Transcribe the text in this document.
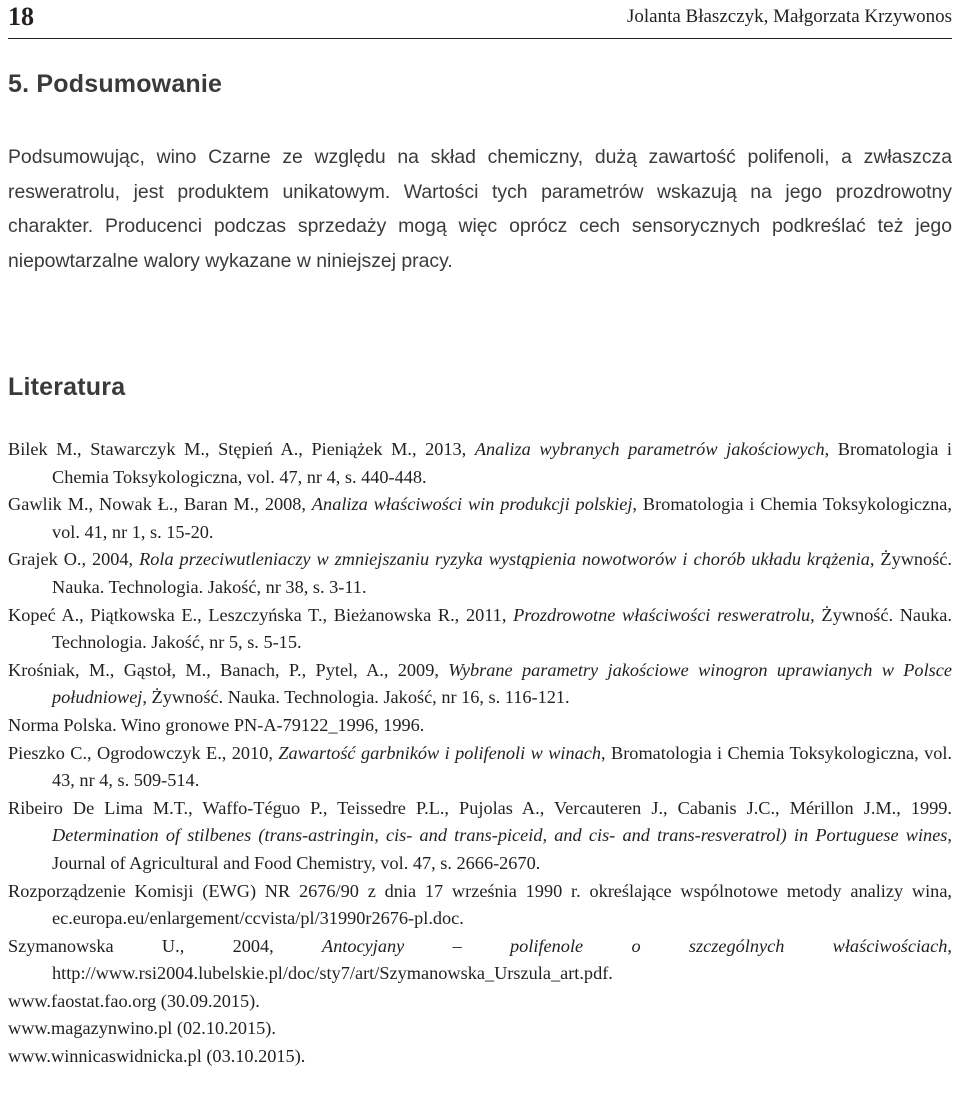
18	Jolanta Błaszczyk, Małgorzata Krzywonos
5. Podsumowanie

Podsumowując, wino Czarne ze względu na skład chemiczny, dużą zawartość polifenoli, a zwłaszcza resweratrolu, jest produktem unikatowym. Wartości tych parametrów wskazują na jego prozdrowotny charakter. Producenci podczas sprzedaży mogą więc oprócz cech sensorycznych podkreślać też jego niepowtarzalne walory wykazane w niniejszej pracy.

Literatura
Bilek M., Stawarczyk M., Stępień A., Pieniążek M., 2013, Analiza wybranych parametrów jakościowych, Bromatologia i Chemia Toksykologiczna, vol. 47, nr 4, s. 440-448.
Gawlik M., Nowak Ł., Baran M., 2008, Analiza właściwości win produkcji polskiej, Bromatologia i Chemia Toksykologiczna, vol. 41, nr 1, s. 15-20.
Grajek O., 2004, Rola przeciwutleniaczy w zmniejszaniu ryzyka wystąpienia nowotworów i chorób układu krążenia, Żywność. Nauka. Technologia. Jakość, nr 38, s. 3-11.
Kopeć A., Piątkowska E., Leszczyńska T., Bieżanowska R., 2011, Prozdrowotne właściwości resweratrolu, Żywność. Nauka. Technologia. Jakość, nr 5, s. 5-15.
Krośniak, M., Gąstoł, M., Banach, P., Pytel, A., 2009, Wybrane parametry jakościowe winogron uprawianych w Polsce południowej, Żywność. Nauka. Technologia. Jakość, nr 16, s. 116-121.
Norma Polska. Wino gronowe PN-A-79122_1996, 1996.
Pieszko C., Ogrodowczyk E., 2010, Zawartość garbników i polifenoli w winach, Bromatologia i Chemia Toksykologiczna, vol. 43, nr 4, s. 509-514.
Ribeiro De Lima M.T., Waffo-Téguo P., Teissedre P.L., Pujolas A., Vercauteren J., Cabanis J.C., Mérillon J.M., 1999. Determination of stilbenes (trans-astringin, cis- and trans-piceid, and cis- and trans-resveratrol) in Portuguese wines, Journal of Agricultural and Food Chemistry, vol. 47, s. 2666-2670.
Rozporządzenie Komisji (EWG) NR 2676/90 z dnia 17 września 1990 r. określające wspólnotowe metody analizy wina, ec.europa.eu/enlargement/ccvista/pl/31990r2676-pl.doc.
Szymanowska U., 2004, Antocyjany – polifenole o szczególnych właściwościach, http://www.rsi2004.lubelskie.pl/doc/sty7/art/Szymanowska_Urszula_art.pdf.
www.faostat.fao.org (30.09.2015).
www.magazynwino.pl (02.10.2015).
www.winnicaswidnicka.pl (03.10.2015).
